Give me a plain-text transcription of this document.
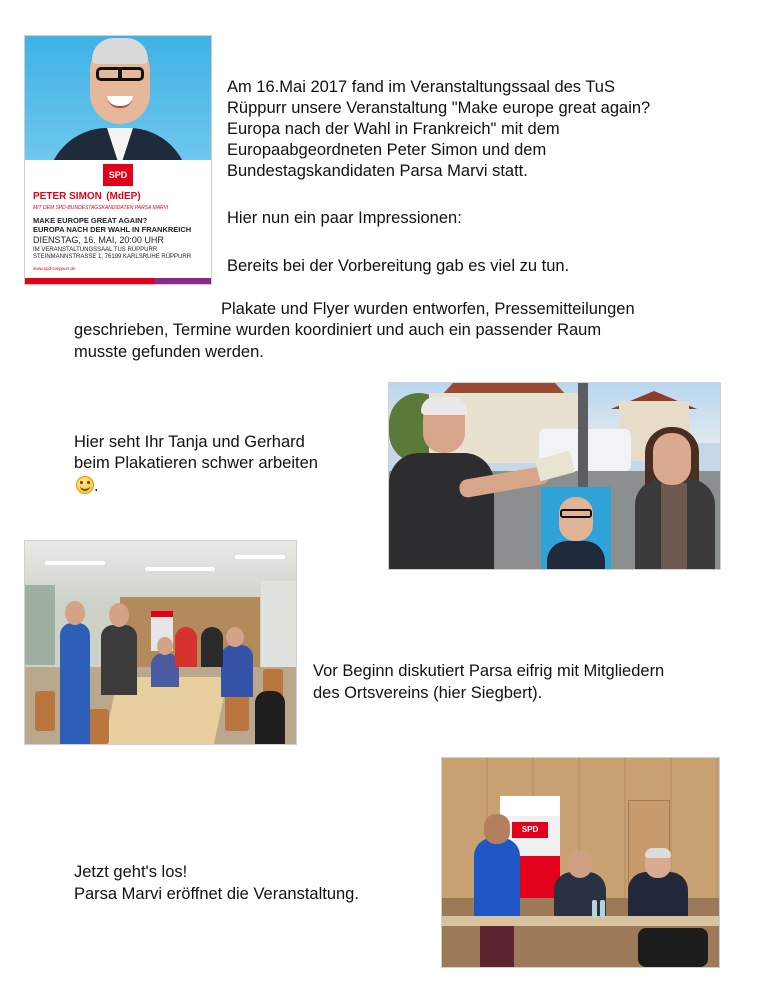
SPD
PETER SIMON (MdEP)
MIT DEM SPD-BUNDESTAGSKANDIDATEN PARSA MARVI
MAKE EUROPE GREAT AGAIN?
EUROPA NACH DER WAHL IN FRANKREICH
DIENSTAG, 16. MAI, 20:00 UHR
IM VERANSTALTUNGSSAAL TUS RÜPPURR
STEINMANNSTRASSE 1, 76199 KARLSRUHE RÜPPURR
www.spd-rueppurr.de

Am 16.Mai 2017 fand im Veranstaltungssaal des TuS Rüppurr unsere Veranstaltung "Make europe great again? Europa nach der Wahl in Frankreich" mit dem Europaabgeordneten Peter Simon und dem Bundestagskandidaten Parsa Marvi statt.

Hier nun ein paar Impressionen:

Bereits bei der Vorbereitung gab es viel zu tun.

Plakate und Flyer wurden entworfen, Pressemitteilungen

geschrieben, Termine wurden koordiniert und auch ein passender Raum

musste gefunden werden.

Hier seht Ihr Tanja und Gerhard

beim Plakatieren schwer arbeiten

.

Vor Beginn diskutiert Parsa eifrig mit Mitgliedern

des Ortsvereins (hier Siegbert).

Jetzt geht's los!

Parsa Marvi eröffnet die Veranstaltung.

SPD
